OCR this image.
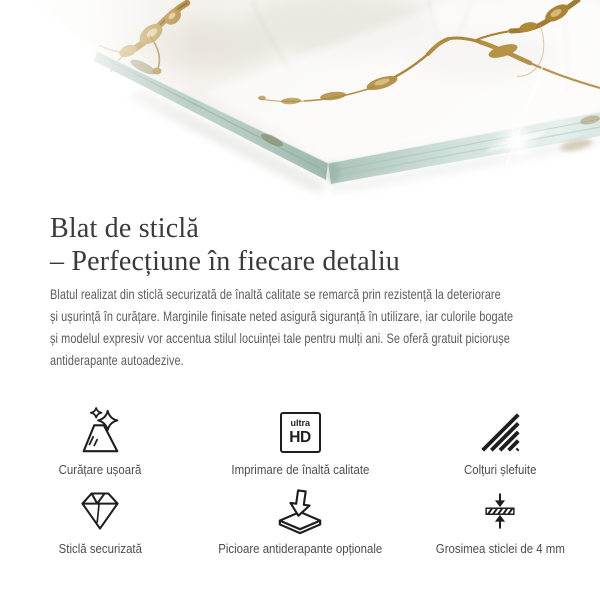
Blat de sticlă
– Perfecțiune în fiecare detaliu
Blatul realizat din sticlă securizată de înaltă calitate se remarcă prin rezistență la deteriorare
și ușurință în curățare. Marginile finisate neted asigură siguranță în utilizare, iar culorile bogate
și modelul expresiv vor accentua stilul locuinței tale pentru mulți ani. Se oferă gratuit piciorușe
antiderapante autoadezive.
Curățare ușoară
ultra
HD
Imprimare de înaltă calitate	Colțuri șlefuite
Sticlă securizată	Picioare antiderapante opționale	Grosimea sticlei de 4 mm
